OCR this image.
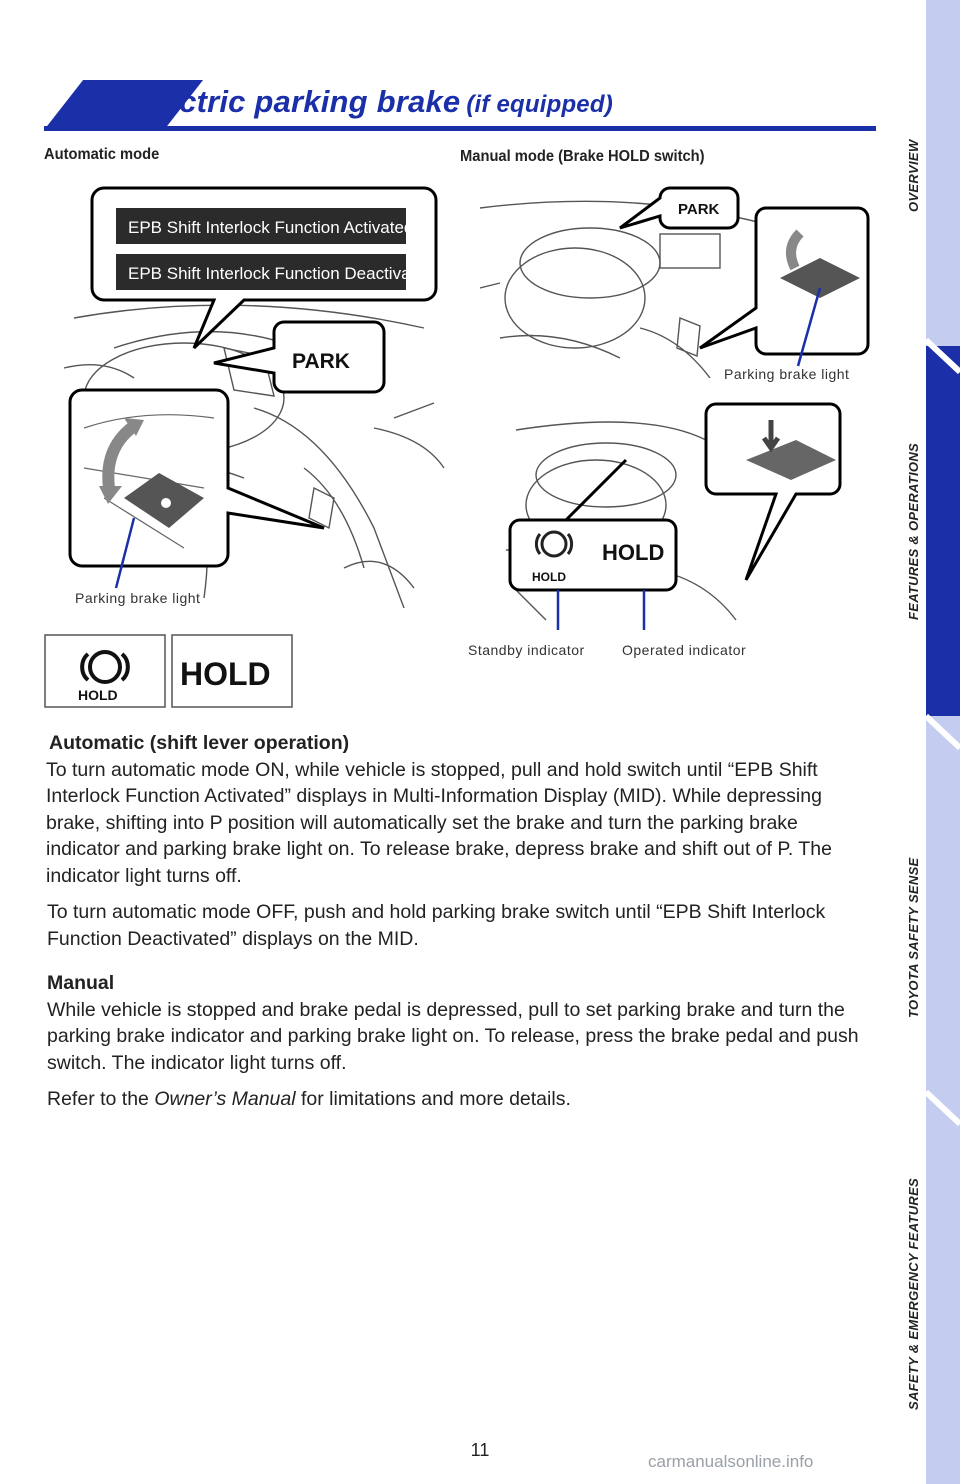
OVERVIEW
FEATURES & OPERATIONS
TOYOTA SAFETY SENSE
SAFETY & EMERGENCY FEATURES
Electric parking brake (if equipped)
Automatic mode	Manual mode (Brake HOLD switch)
EPB Shift Interlock Function Activated
EPB Shift Interlock Function Deactivated
PARK
Parking brake light
PARK
Parking brake light
HOLD
HOLD
Standby indicator	Operated indicator
HOLD
HOLD

Automatic (shift lever operation)

To turn automatic mode ON, while vehicle is stopped, pull and hold switch until “EPB Shift Interlock Function Activated” displays in Multi-Information Display (MID). While depressing brake, shifting into P position will automatically set the brake and turn the parking brake indicator and parking brake light on. To release brake, depress brake and shift out of P. The indicator light turns off.

To turn automatic mode OFF, push and hold parking brake switch until “EPB Shift Interlock Function Deactivated” displays on the MID.

Manual

While vehicle is stopped and brake pedal is depressed, pull to set parking brake and turn the parking brake indicator and parking brake light on. To release, press the brake pedal and push switch. The indicator light turns off.

Refer to the Owner’s Manual for limitations and more details.

11
carmanualsonline.info
